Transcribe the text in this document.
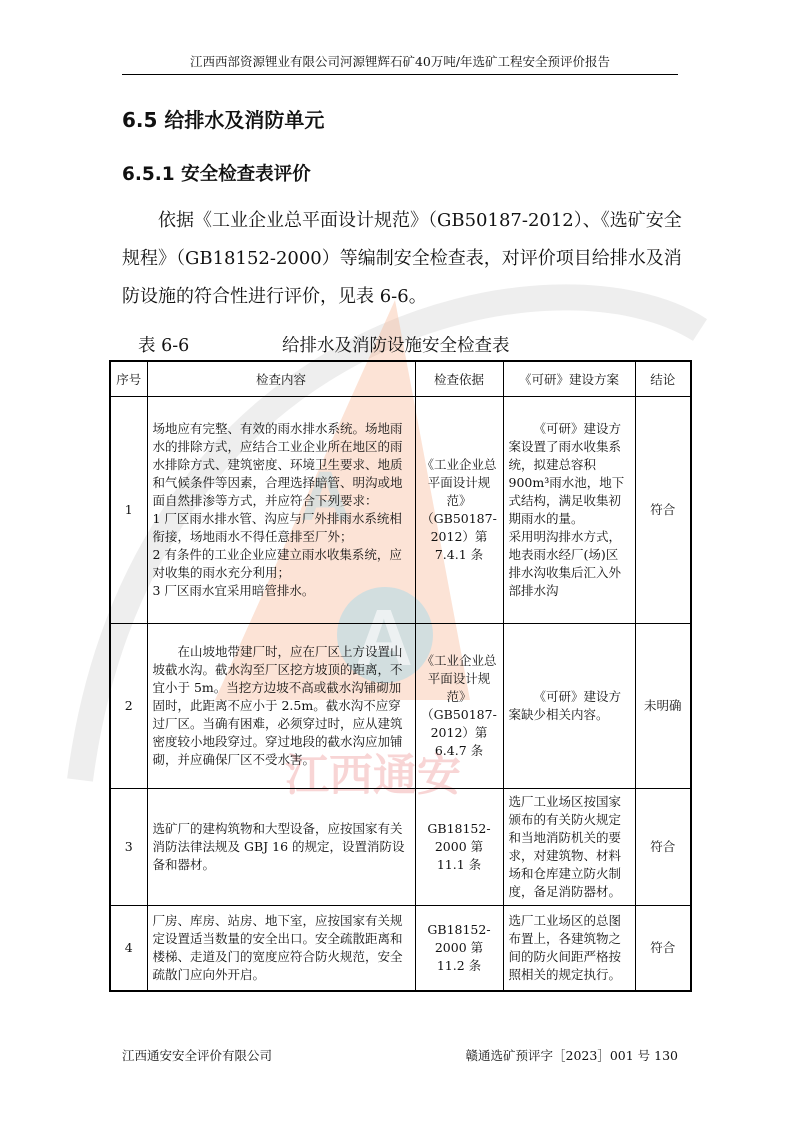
A
A
江西通安
江西西部资源锂业有限公司河源锂辉石矿40万吨/年选矿工程安全预评价报告
6.5 给排水及消防单元
6.5.1 安全检查表评价

依据《工业企业总平面设计规范》（GB50187-2012）、《选矿安全规程》（GB18152-2000）等编制安全检查表，对评价项目给排水及消防设施的符合性进行评价，见表 6-6。

表 6-6	给排水及消防设施安全检查表
序号	检查内容	检查依据	《可研》建设方案	结论
1	场地应有完整、有效的雨水排水系统。场地雨水的排除方式，应结合工业企业所在地区的雨水排除方式、建筑密度、环境卫生要求、地质和气候条件等因素，合理选择暗管、明沟或地面自然排渗等方式，并应符合下列要求：
1 厂区雨水排水管、沟应与厂外排雨水系统相衔接，场地雨水不得任意排至厂外；
2 有条件的工业企业应建立雨水收集系统，应对收集的雨水充分利用；
3 厂区雨水宜采用暗管排水。	《工业企业总平面设计规范》（GB50187-2012）第 7.4.1 条	《可研》建设方案设置了雨水收集系统，拟建总容积900m³雨水池，地下式结构，满足收集初期雨水的量。
采用明沟排水方式，地表雨水经厂(场)区排水沟收集后汇入外部排水沟	符合
2	在山坡地带建厂时，应在厂区上方设置山坡截水沟。截水沟至厂区挖方坡顶的距离，不宜小于 5m。当挖方边坡不高或截水沟铺砌加固时，此距离不应小于 2.5m。截水沟不应穿过厂区。当确有困难，必须穿过时，应从建筑密度较小地段穿过。穿过地段的截水沟应加铺砌，并应确保厂区不受水害。	《工业企业总平面设计规范》（GB50187-2012）第 6.4.7 条	《可研》建设方案缺少相关内容。	未明确
3	选矿厂的建构筑物和大型设备，应按国家有关消防法律法规及 GBJ 16 的规定，设置消防设备和器材。	GB18152-2000 第 11.1 条	选厂工业场区按国家颁布的有关防火规定和当地消防机关的要求，对建筑物、材料场和仓库建立防火制度，备足消防器材。	符合
4	厂房、库房、站房、地下室，应按国家有关规定设置适当数量的安全出口。安全疏散距离和楼梯、走道及门的宽度应符合防火规范，安全疏散门应向外开启。	GB18152-2000 第 11.2 条	选厂工业场区的总图布置上，各建筑物之间的防火间距严格按照相关的规定执行。	符合
江西通安安全评价有限公司	赣通选矿预评字［2023］001 号 130
